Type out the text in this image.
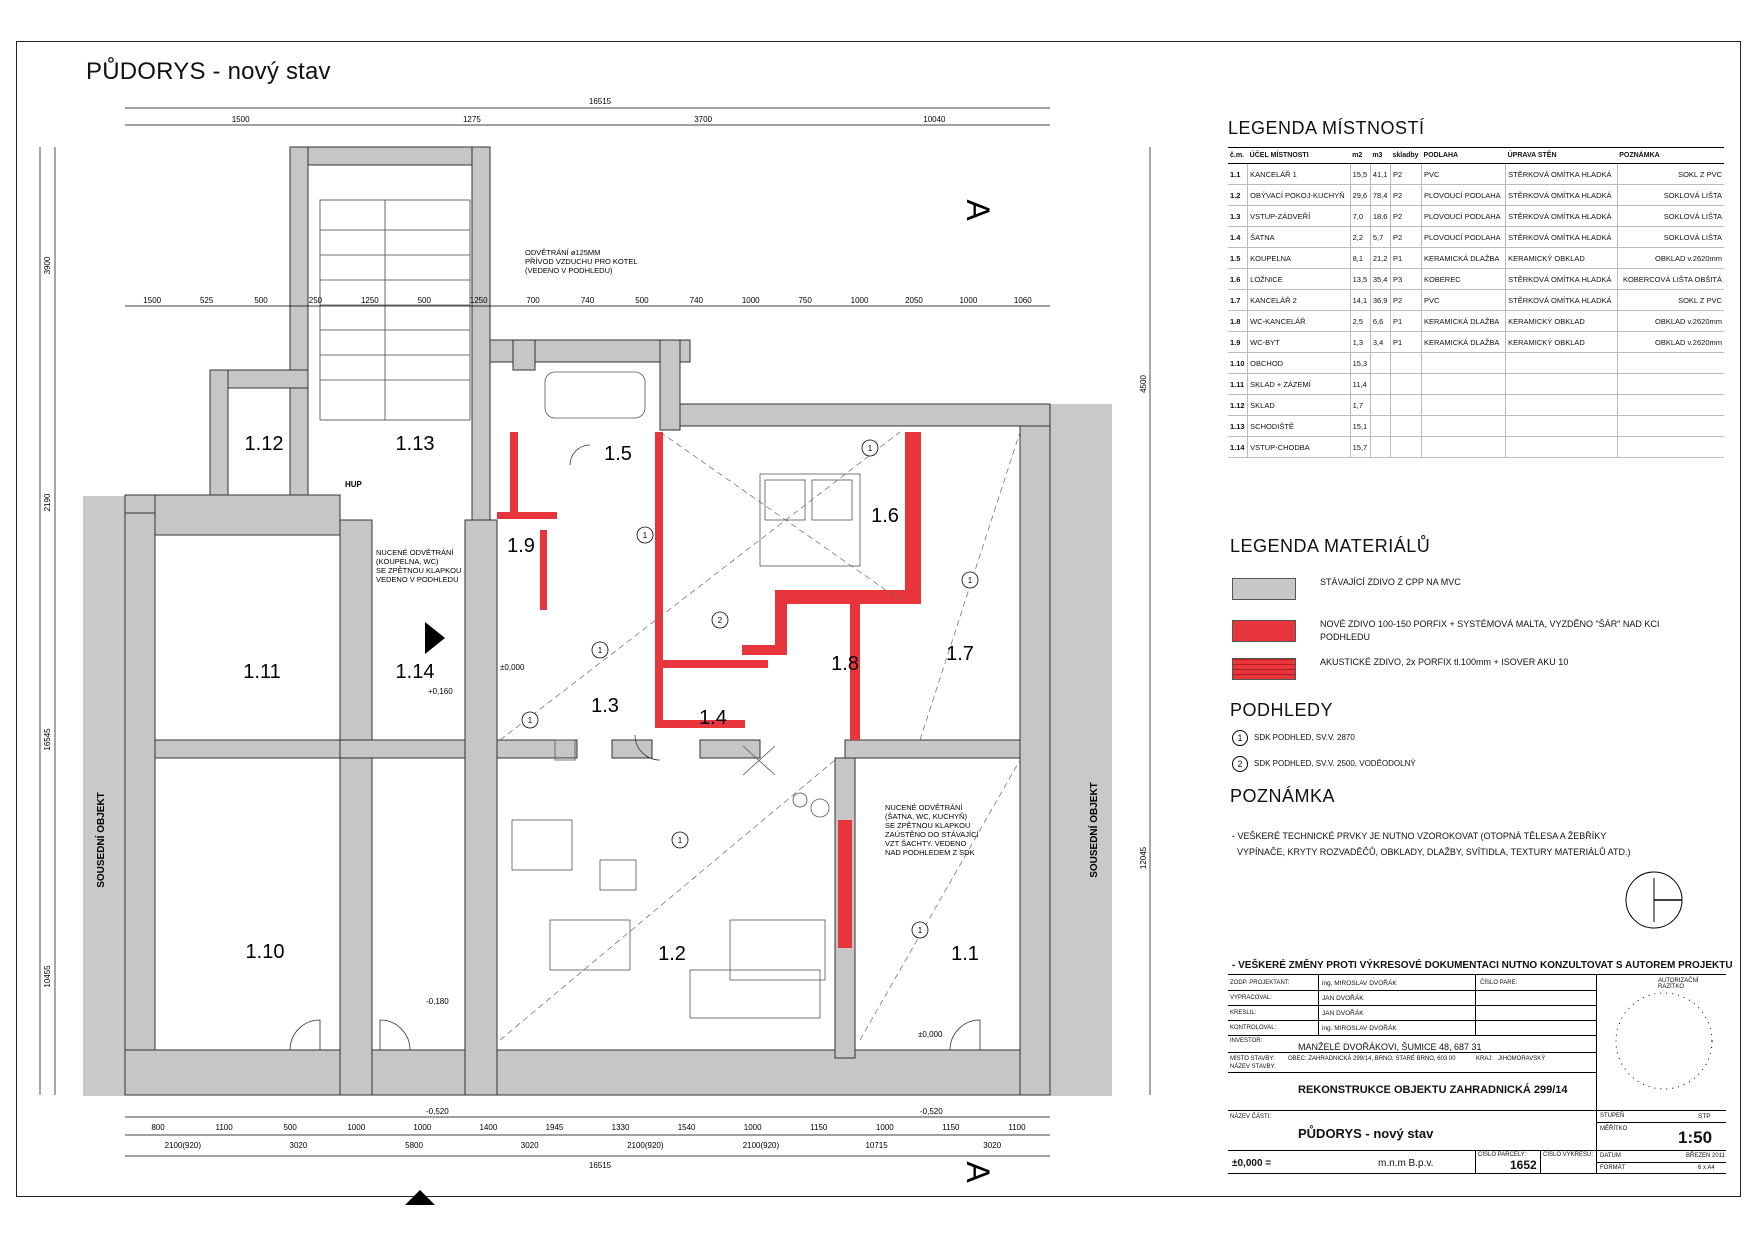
PŮDORYS - nový stav
1
1
1
1
1
1
1
2
1.1
1.2
1.3
1.4
1.5
1.6
1.7
1.8
1.9
1.10
1.11
1.12	1.13
1.14
A
A
SOUSEDNÍ OBJEKT	SOUSEDNÍ OBJEKT
HUP
+0,160
±0,000
-0,180
-0,520	-0,520
±0,000
ODVĚTRÁNÍ ø125MM PŘÍVOD VZDUCHU PRO KOTEL (VEDENO V PODHLEDU)
NUCENÉ ODVĚTRÁNÍ (KOUPELNA, WC) SE ZPĚTNOU KLAPKOU VEDENO V PODHLEDU
NUCENÉ ODVĚTRÁNÍ (ŠATNA, WC, KUCHYŇ) SE ZPĚTNOU KLAPKOU ZAÚSTĚNO DO STÁVAJÍCÍ VZT ŠACHTY. VEDENO NAD PODHLEDEM Z SDK
16515
16515
1500	1275	3700	10040
1500	525	500	250	1250	500	1250	700	740	500	740	1000	750	1000	2050	1000	1060
800	1100	500	1000	1000	1400	1945	1330	1540	1000	1150	1000	1150	1100
2100(920)	3020	5800	3020	2100(920)	2100(920)	10715	3020
3900
2190
16545
10455
4500
12045
LEGENDA MÍSTNOSTÍ
č.m.	ÚČEL MÍSTNOSTI	m2	m3	skladby	PODLAHA	ÚPRAVA STĚN	POZNÁMKA
1.1	KANCELÁŘ 1	15,5	41,1	P2	PVC	STĚRKOVÁ OMÍTKA HLADKÁ	SOKL Z PVC
1.2	OBÝVACÍ POKOJ-KUCHYŇ	29,6	78,4	P2	PLOVOUCÍ PODLAHA	STĚRKOVÁ OMÍTKA HLADKÁ	SOKLOVÁ LIŠTA
1.3	VSTUP-ZÁDVEŘÍ	7,0	18,6	P2	PLOVOUCÍ PODLAHA	STĚRKOVÁ OMÍTKA HLADKÁ	SOKLOVÁ LIŠTA
1.4	ŠATNA	2,2	5,7	P2	PLOVOUCÍ PODLAHA	STĚRKOVÁ OMÍTKA HLADKÁ	SOKLOVÁ LIŠTA
1.5	KOUPELNA	8,1	21,2	P1	KERAMICKÁ DLAŽBA	KERAMICKÝ OBKLAD	OBKLAD v.2620mm
1.6	LOŽNICE	13,5	35,4	P3	KOBEREC	STĚRKOVÁ OMÍTKA HLADKÁ	KOBERCOVÁ LIŠTA OBŠITÁ
1.7	KANCELÁŘ 2	14,1	36,9	P2	PVC	STĚRKOVÁ OMÍTKA HLADKÁ	SOKL Z PVC
1.8	WC-KANCELÁŘ	2,5	6,6	P1	KERAMICKÁ DLAŽBA	KERAMICKÝ OBKLAD	OBKLAD v.2620mm
1.9	WC-BYT	1,3	3,4	P1	KERAMICKÁ DLAŽBA	KERAMICKÝ OBKLAD	OBKLAD v.2620mm
1.10	OBCHOD	15,3					
1.11	SKLAD + ZÁZEMÍ	11,4					
1.12	SKLAD	1,7					
1.13	SCHODIŠTĚ	15,1					
1.14	VSTUP-CHODBA	15,7					
LEGENDA MATERIÁLŮ
STÁVAJÍCÍ ZDIVO Z CPP NA MVC
NOVÉ ZDIVO 100-150 PORFIX + SYSTÉMOVÁ MALTA, VYZDĚNO "ŠÁR" NAD KCI PODHLEDU
AKUSTICKÉ ZDIVO, 2x PORFIX tl.100mm + ISOVER AKU 10
PODHLEDY
1 SDK PODHLED, SV.V. 2870
2 SDK PODHLED, SV.V. 2500, VODĚODOLNÝ
POZNÁMKA
- VEŠKERÉ TECHNICKÉ PRVKY JE NUTNO VZOROKOVAT (OTOPNÁ TĚLESA A ŽEBŘÍKY
VYPÍNAČE, KRYTY ROZVADĚČŮ, OBKLADY, DLAŽBY, SVÍTIDLA, TEXTURY MATERIÁLŮ ATD.)
- VEŠKERÉ ZMĚNY PROTI VÝKRESOVÉ DOKUMENTACI NUTNO KONZULTOVAT S AUTOREM PROJEKTU
ZODP. PROJEKTANT:	ing. MIROSLAV DVOŘÁK	ČÍSLO PARE:	AUTORIZAČNÍ RAZÍTKO
VYPRACOVAL:	JAN DVOŘÁK
KRESLIL:	JAN DVOŘÁK
KONTROLOVAL:	ing. MIROSLAV DVOŘÁK
INVESTOR:
MANŽELÉ DVOŘÁKOVI, ŠUMICE 48, 687 31
MÍSTO STAVBY: OBEC: ZAHRADNICKÁ 299/14, BRNO, STARÉ BRNO, 603 00	KRAJ: JIHOMORAVSKÝ
NÁZEV STAVBY:
REKONSTRUKCE OBJEKTU ZAHRADNICKÁ 299/14
STUPEŇ	STP
MĚŘÍTKO	1:50
NÁZEV ČÁSTI:
PŮDORYS - nový stav
±0,000 =	m.n.m B.p.v.
ČÍSLO PARCELY:
1652
ČÍSLO VÝKRESU: DATUM	BŘEZEN 2011
FORMÁT	6 x A4
